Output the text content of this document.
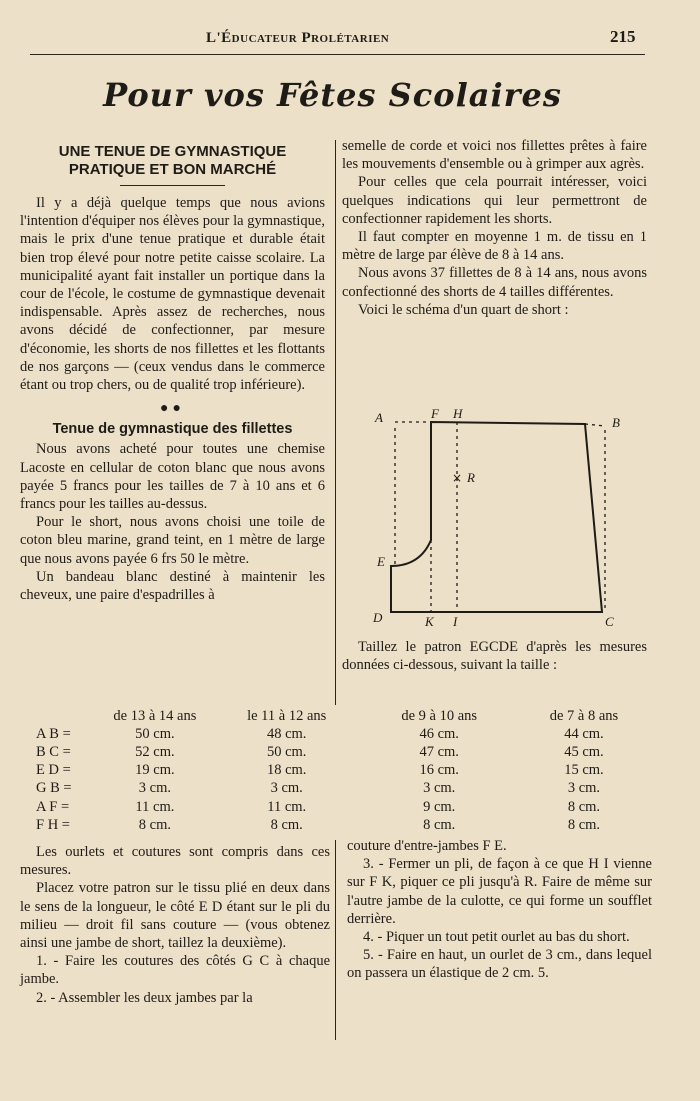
L'Éducateur Prolétarien	215
Pour vos Fêtes Scolaires
UNE TENUE DE GYMNASTIQUE PRATIQUE ET BON MARCHÉ

Il y a déjà quelque temps que nous avions l'intention d'équiper nos élèves pour la gymnastique, mais le prix d'une tenue pratique et durable était bien trop élevé pour notre petite caisse scolaire. La municipalité ayant fait installer un portique dans la cour de l'école, le costume de gymnastique devenait indispensable. Après assez de recherches, nous avons décidé de confectionner, par mesure d'économie, les shorts de nos fillettes et les flottants de nos garçons — (ceux vendus dans le commerce étant ou trop chers, ou de qualité trop inférieure).

●●
Tenue de gymnastique des fillettes

Nous avons acheté pour toutes une chemise Lacoste en cellular de coton blanc que nous avons payée 5 francs pour les tailles de 7 à 10 ans et 6 francs pour les tailles au-dessus.

Pour le short, nous avons choisi une toile de coton bleu marine, grand teint, en 1 mètre de large que nous avons payée 6 frs 50 le mètre.

Un bandeau blanc destiné à maintenir les cheveux, une paire d'espadrilles à

semelle de corde et voici nos fillettes prêtes à faire les mouvements d'ensemble ou à grimper aux agrès.

Pour celles que cela pourrait intéresser, voici quelques indications qui leur permettront de confectionner rapidement les shorts.

Il faut compter en moyenne 1 m. de tissu en 1 mètre de large par élève de 8 à 14 ans.

Nous avons 37 fillettes de 8 à 14 ans, nous avons confectionné des shorts de 4 tailles différentes.

Voici le schéma d'un quart de short :

A	F H
B
R
E
D	K I	C
×

Taillez le patron EGCDE d'après les mesures données ci-dessous, suivant la taille :

	de 13 à 14 ans	le 11 à 12 ans	de 9 à 10 ans	de 7 à 8 ans
A B =	50 cm.	48 cm.	46 cm.	44 cm.
B C =	52 cm.	50 cm.	47 cm.	45 cm.
E D =	19 cm.	18 cm.	16 cm.	15 cm.
G B =	3 cm.	3 cm.	3 cm.	3 cm.
A F =	11 cm.	11 cm.	9 cm.	8 cm.
F H =	8 cm.	8 cm.	8 cm.	8 cm.

Les ourlets et coutures sont compris dans ces mesures.

Placez votre patron sur le tissu plié en deux dans le sens de la longueur, le côté E D étant sur le pli du milieu — droit fil sans couture — (vous obtenez ainsi une jambe de short, taillez la deuxième).

1. - Faire les coutures des côtés G C à chaque jambe.

2. - Assembler les deux jambes par la

couture d'entre-jambes F E.

3. - Fermer un pli, de façon à ce que H I vienne sur F K, piquer ce pli jusqu'à R. Faire de même sur l'autre jambe de la culotte, ce qui forme un soufflet derrière.

4. - Piquer un tout petit ourlet au bas du short.

5. - Faire en haut, un ourlet de 3 cm., dans lequel on passera un élastique de 2 cm. 5.
